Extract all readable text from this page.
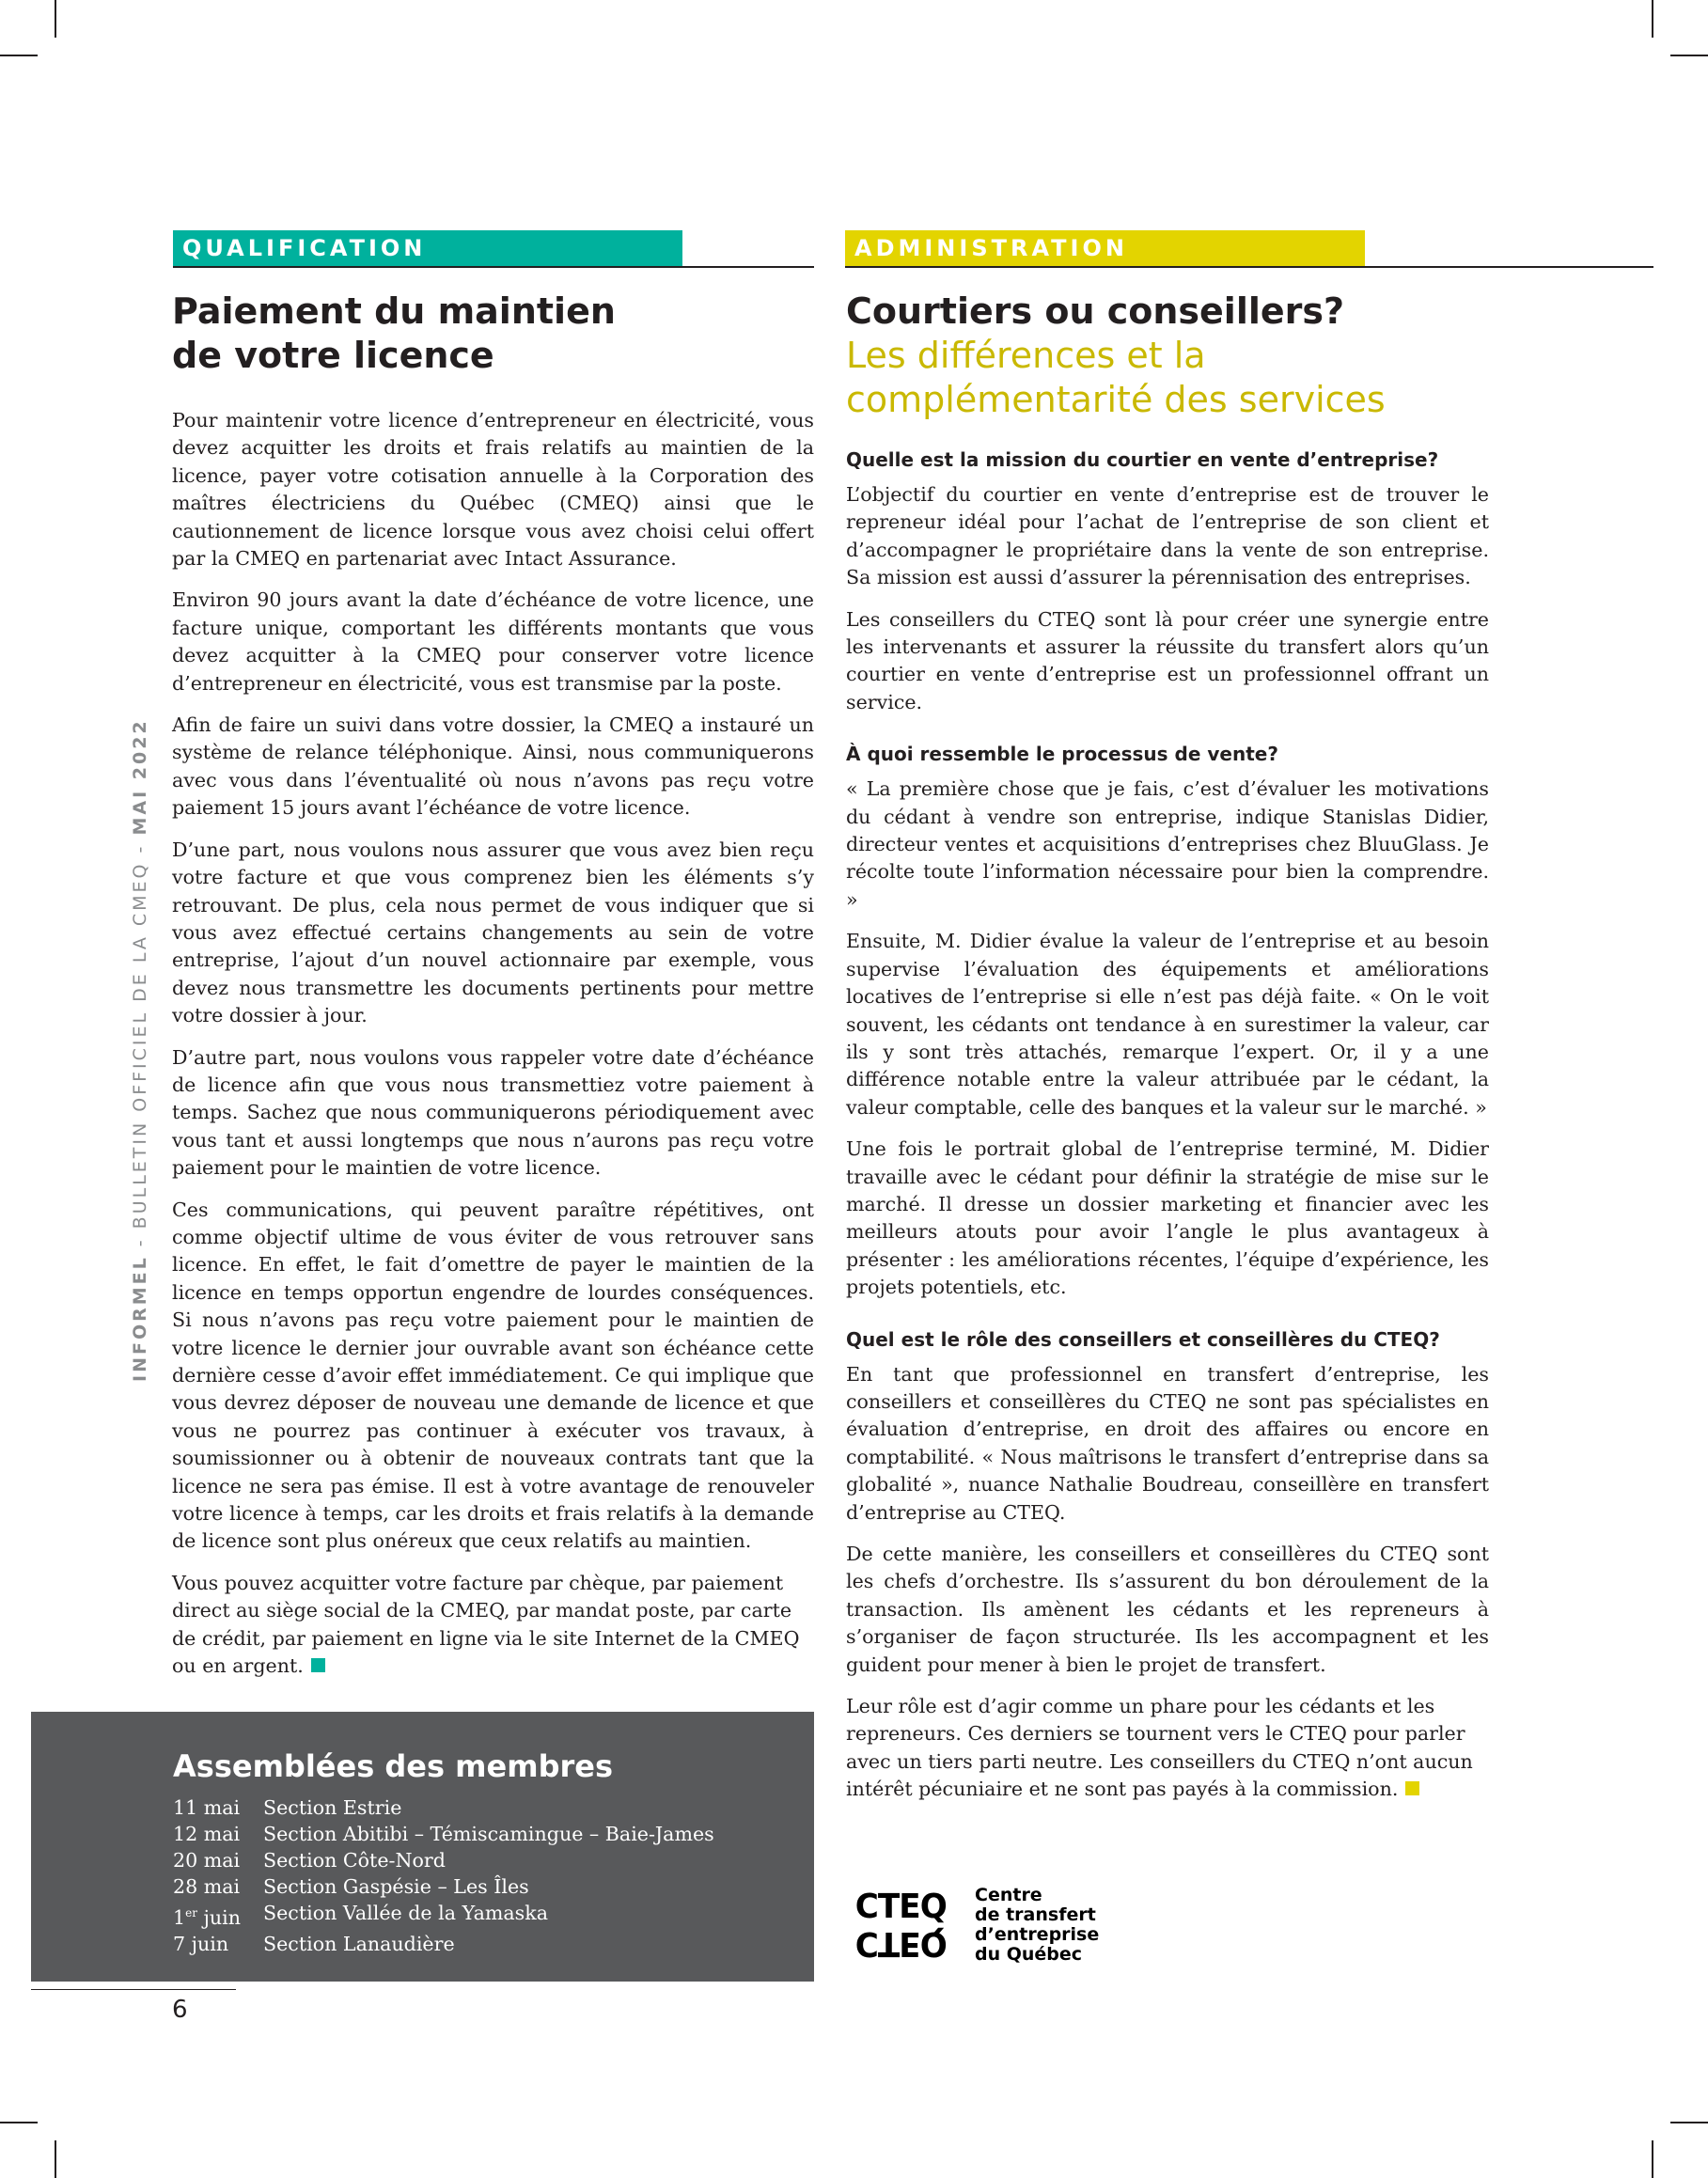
INFORMEL - BULLETIN OFFICIEL DE LA CMEQ - MAI 2022
QUALIFICATION
Paiement du maintien
de votre licence

Pour maintenir votre licence d’entrepreneur en électricité, vous devez acquitter les droits et frais relatifs au maintien de la licence, payer votre cotisation annuelle à la Corporation des maîtres électriciens du Québec (CMEQ) ainsi que le cautionnement de licence lorsque vous avez choisi celui offert par la CMEQ en partenariat avec Intact Assurance.

Environ 90 jours avant la date d’échéance de votre licence, une facture unique, comportant les différents montants que vous devez acquitter à la CMEQ pour conserver votre licence d’entrepreneur en électricité, vous est transmise par la poste.

Afin de faire un suivi dans votre dossier, la CMEQ a instauré un système de relance téléphonique. Ainsi, nous communiquerons avec vous dans l’éventualité où nous n’avons pas reçu votre paiement 15 jours avant l’échéance de votre licence.

D’une part, nous voulons nous assurer que vous avez bien reçu votre facture et que vous comprenez bien les éléments s’y retrouvant. De plus, cela nous permet de vous indiquer que si vous avez effectué certains changements au sein de votre entreprise, l’ajout d’un nouvel actionnaire par exemple, vous devez nous transmettre les documents pertinents pour mettre votre dossier à jour.

D’autre part, nous voulons vous rappeler votre date d’échéance de licence afin que vous nous transmettiez votre paiement à temps. Sachez que nous communiquerons périodiquement avec vous tant et aussi longtemps que nous n’aurons pas reçu votre paiement pour le maintien de votre licence.

Ces communications, qui peuvent paraître répétitives, ont comme objectif ultime de vous éviter de vous retrouver sans licence. En effet, le fait d’omettre de payer le maintien de la licence en temps opportun engendre de lourdes conséquences. Si nous n’avons pas reçu votre paiement pour le maintien de votre licence le dernier jour ouvrable avant son échéance cette dernière cesse d’avoir effet immédiatement. Ce qui implique que vous devrez déposer de nouveau une demande de licence et que vous ne pourrez pas continuer à exécuter vos travaux, à soumissionner ou à obtenir de nouveaux contrats tant que la licence ne sera pas émise. Il est à votre avantage de renouveler votre licence à temps, car les droits et frais relatifs à la demande de licence sont plus onéreux que ceux relatifs au maintien.

Vous pouvez acquitter votre facture par chèque, par paiement direct au siège social de la CMEQ, par mandat poste, par carte de crédit, par paiement en ligne via le site Internet de la CMEQ ou en argent.

Assemblées des membres
11 mai	Section Estrie
12 mai	Section Abitibi – Témiscamingue – Baie-James
20 mai	Section Côte-Nord
28 mai	Section Gaspésie – Les Îles
1er juin	Section Vallée de la Yamaska
7 juin	Section Lanaudière
6
ADMINISTRATION
Courtiers ou conseillers?
Les différences et la
complémentarité des services
Quelle est la mission du courtier en vente d’entreprise?

L’objectif du courtier en vente d’entreprise est de trouver le repreneur idéal pour l’achat de l’entreprise de son client et d’accompagner le propriétaire dans la vente de son entreprise. Sa mission est aussi d’assurer la pérennisation des entreprises.

Les conseillers du CTEQ sont là pour créer une synergie entre les intervenants et assurer la réussite du transfert alors qu’un courtier en vente d’entreprise est un professionnel offrant un service.

À quoi ressemble le processus de vente?

« La première chose que je fais, c’est d’évaluer les motivations du cédant à vendre son entreprise, indique Stanislas Didier, directeur ventes et acquisitions d’entreprises chez BluuGlass. Je récolte toute l’information nécessaire pour bien la comprendre. »

Ensuite, M. Didier évalue la valeur de l’entreprise et au besoin supervise l’évaluation des équipements et améliorations locatives de l’entreprise si elle n’est pas déjà faite. « On le voit souvent, les cédants ont tendance à en surestimer la valeur, car ils y sont très attachés, remarque l’expert. Or, il y a une différence notable entre la valeur attribuée par le cédant, la valeur comptable, celle des banques et la valeur sur le marché. »

Une fois le portrait global de l’entreprise terminé, M. Didier travaille avec le cédant pour définir la stratégie de mise sur le marché. Il dresse un dossier marketing et financier avec les meilleurs atouts pour avoir l’angle le plus avantageux à présenter : les améliorations récentes, l’équipe d’expérience, les projets potentiels, etc.

Quel est le rôle des conseillers et conseillères du CTEQ?

En tant que professionnel en transfert d’entreprise, les conseillers et conseillères du CTEQ ne sont pas spécialistes en évaluation d’entreprise, en droit des affaires ou encore en comptabilité. « Nous maîtrisons le transfert d’entreprise dans sa globalité », nuance Nathalie Boudreau, conseillère en transfert d’entreprise au CTEQ.

De cette manière, les conseillers et conseillères du CTEQ sont les chefs d’orchestre. Ils s’assurent du bon déroulement de la transaction. Ils amènent les cédants et les repreneurs à s’organiser de façon structurée. Ils les accompagnent et les guident pour mener à bien le projet de transfert.

Leur rôle est d’agir comme un phare pour les cédants et les repreneurs. Ces derniers se tournent vers le CTEQ pour parler avec un tiers parti neutre. Les conseillers du CTEQ n’ont aucun intérêt pécuniaire et ne sont pas payés à la commission.

CTEQ
CTEQ
Centre
de transfert
d’entreprise
du Québec
